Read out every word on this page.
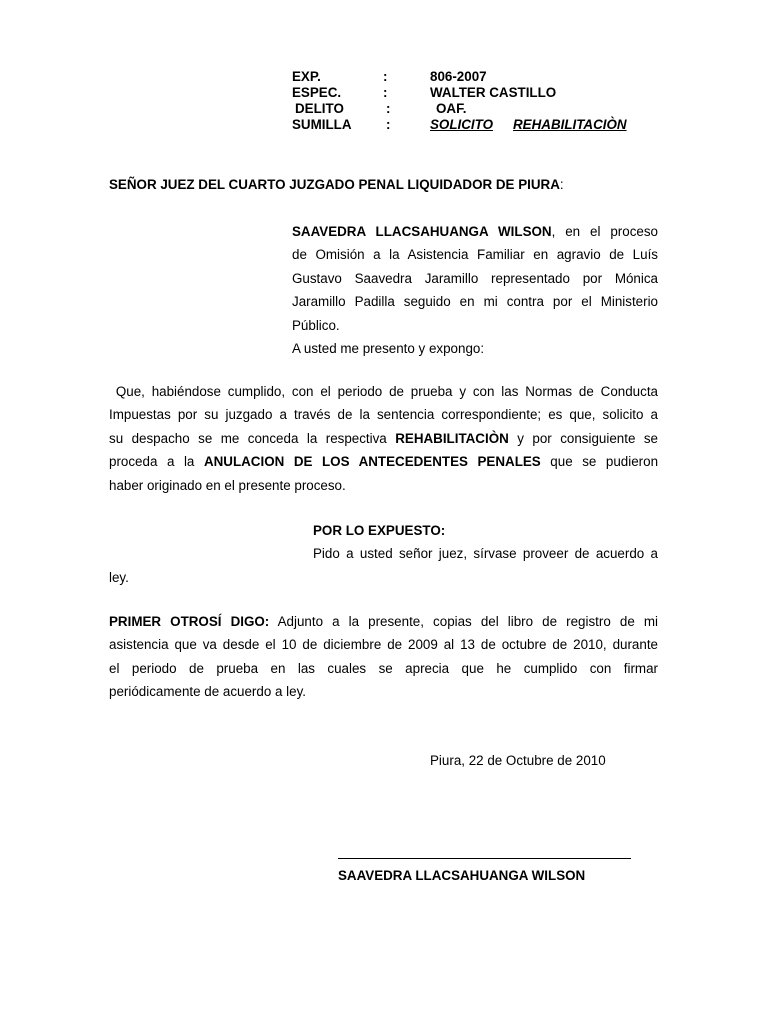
EXP.	:	806-2007
ESPEC.	:	WALTER CASTILLO
DELITO	:	OAF.
SUMILLA	:	SOLICITO REHABILITACIÒN
SEÑOR JUEZ DEL CUARTO JUZGADO PENAL LIQUIDADOR DE PIURA:
SAAVEDRA LLACSAHUANGA WILSON, en el proceso
de Omisión a la Asistencia Familiar en agravio de Luís
Gustavo Saavedra Jaramillo representado por Mónica
Jaramillo Padilla seguido en mi contra por el Ministerio
Público.
A usted me presento y expongo:
Que, habiéndose cumplido, con el periodo de prueba y con las Normas de Conducta
Impuestas por su juzgado a través de la sentencia correspondiente; es que, solicito a
su despacho se me conceda la respectiva REHABILITACIÒN y por consiguiente se
proceda a la ANULACION DE LOS ANTECEDENTES PENALES que se pudieron
haber originado en el presente proceso.
POR LO EXPUESTO:
Pido a usted señor juez, sírvase proveer de acuerdo a
ley.
PRIMER OTROSÍ DIGO: Adjunto a la presente, copias del libro de registro de mi
asistencia que va desde el 10 de diciembre de 2009 al 13 de octubre de 2010, durante
el periodo de prueba en las cuales se aprecia que he cumplido con firmar
periódicamente de acuerdo a ley.
Piura, 22 de Octubre de 2010
SAAVEDRA LLACSAHUANGA WILSON
